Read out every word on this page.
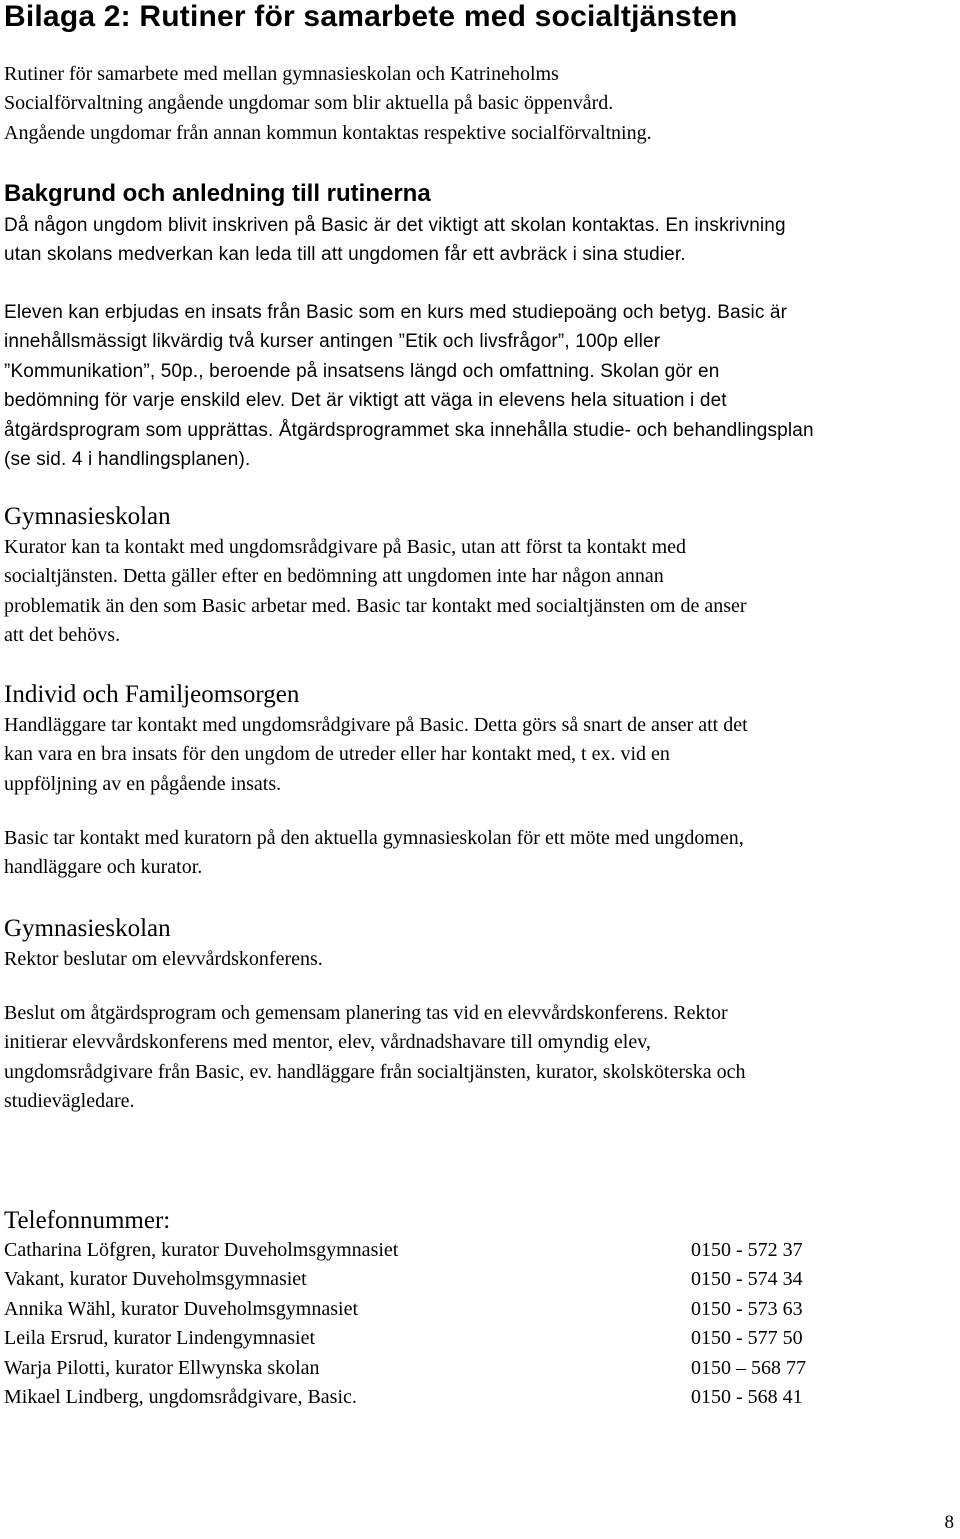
Bilaga 2: Rutiner för samarbete med socialtjänsten
Rutiner för samarbete med mellan gymnasieskolan och Katrineholms
Socialförvaltning angående ungdomar som blir aktuella på basic öppenvård.
Angående ungdomar från annan kommun kontaktas respektive socialförvaltning.
Bakgrund och anledning till rutinerna
Då någon ungdom blivit inskriven på Basic är det viktigt att skolan kontaktas. En inskrivning
utan skolans medverkan kan leda till att ungdomen får ett avbräck i sina studier.
Eleven kan erbjudas en insats från Basic som en kurs med studiepoäng och betyg. Basic är
innehållsmässigt likvärdig två kurser antingen ”Etik och livsfrågor”, 100p eller
”Kommunikation”, 50p., beroende på insatsens längd och omfattning. Skolan gör en
bedömning för varje enskild elev. Det är viktigt att väga in elevens hela situation i det
åtgärdsprogram som upprättas. Åtgärdsprogrammet ska innehålla studie- och behandlingsplan
(se sid. 4 i handlingsplanen).
Gymnasieskolan
Kurator kan ta kontakt med ungdomsrådgivare på Basic, utan att först ta kontakt med
socialtjänsten. Detta gäller efter en bedömning att ungdomen inte har någon annan
problematik än den som Basic arbetar med. Basic tar kontakt med socialtjänsten om de anser
att det behövs.
Individ och Familjeomsorgen
Handläggare tar kontakt med ungdomsrådgivare på Basic. Detta görs så snart de anser att det
kan vara en bra insats för den ungdom de utreder eller har kontakt med, t ex. vid en
uppföljning av en pågående insats.
Basic tar kontakt med kuratorn på den aktuella gymnasieskolan för ett möte med ungdomen,
handläggare och kurator.
Gymnasieskolan
Rektor beslutar om elevvårdskonferens.
Beslut om åtgärdsprogram och gemensam planering tas vid en elevvårdskonferens. Rektor
initierar elevvårdskonferens med mentor, elev, vårdnadshavare till omyndig elev,
ungdomsrådgivare från Basic, ev. handläggare från socialtjänsten, kurator, skolsköterska och
studievägledare.
Telefonnummer:
Catharina Löfgren, kurator Duveholmsgymnasiet	0150 - 572 37
Vakant, kurator Duveholmsgymnasiet	0150 - 574 34
Annika Wähl, kurator Duveholmsgymnasiet	0150 - 573 63
Leila Ersrud, kurator Lindengymnasiet	0150 - 577 50
Warja Pilotti, kurator Ellwynska skolan	0150 – 568 77
Mikael Lindberg, ungdomsrådgivare, Basic.	0150 - 568 41
8
